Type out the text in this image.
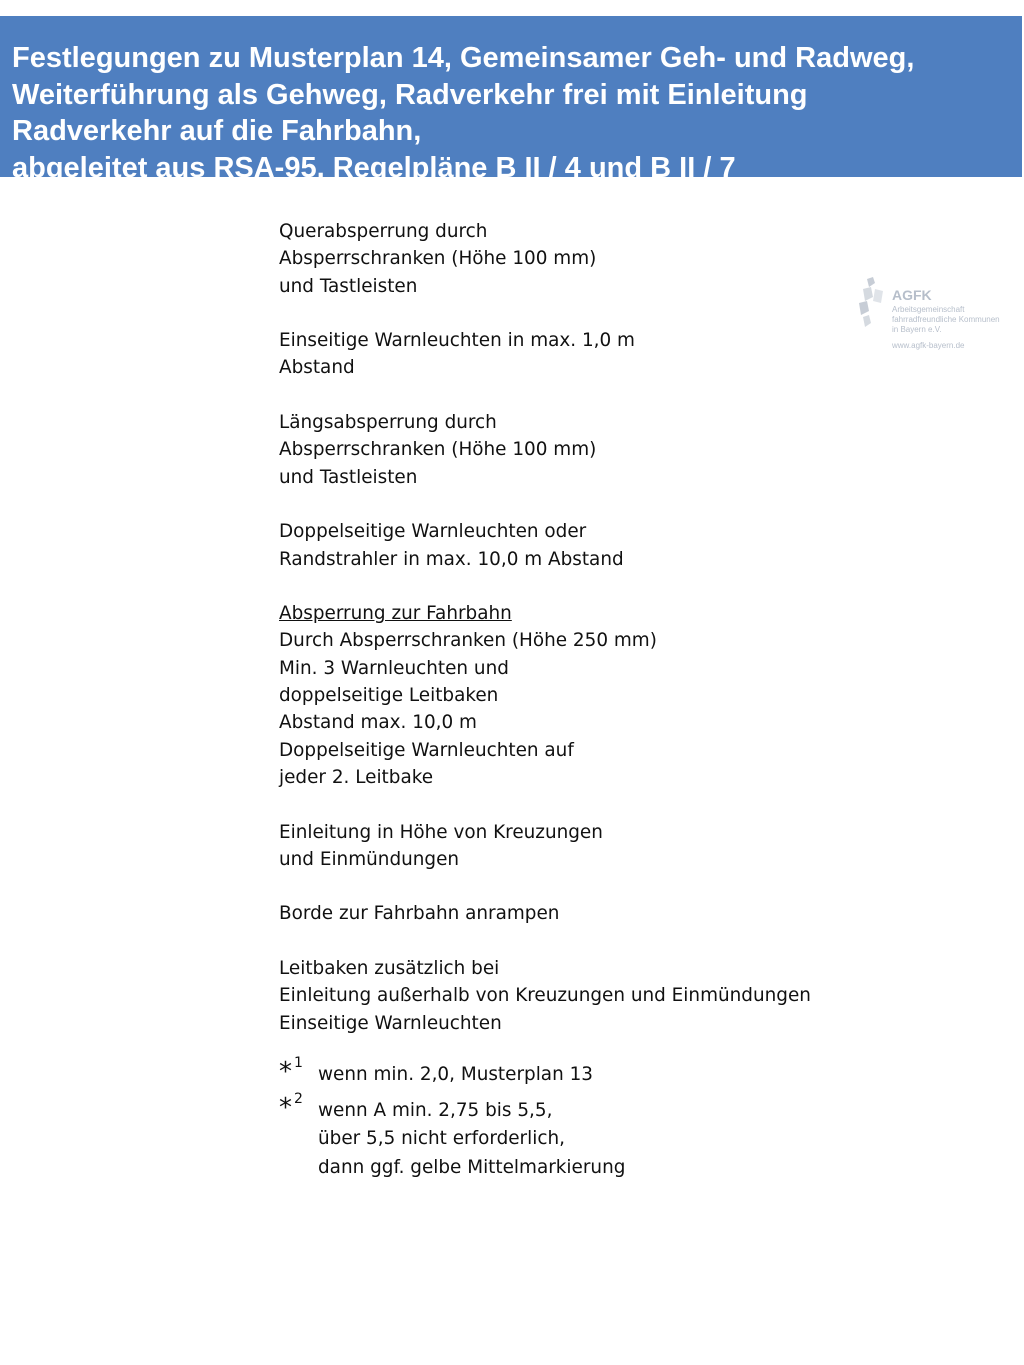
Festlegungen zu Musterplan 14, Gemeinsamer Geh- und Radweg,
Weiterführung als Gehweg, Radverkehr frei mit Einleitung
Radverkehr auf die Fahrbahn,
abgeleitet aus RSA-95, Regelpläne B II / 4 und B II / 7
AGFK
Arbeitsgemeinschaft
fahrradfreundliche Kommunen
in Bayern e.V.
www.agfk-bayern.de
Querabsperrung durch
Absperrschranken (Höhe 100 mm)
und Tastleisten
Einseitige Warnleuchten in max. 1,0 m
Abstand
Längsabsperrung durch
Absperrschranken (Höhe 100 mm)
und Tastleisten
Doppelseitige Warnleuchten oder
Randstrahler in max. 10,0 m Abstand
Absperrung zur Fahrbahn
Durch Absperrschranken (Höhe 250 mm)
Min. 3 Warnleuchten und
doppelseitige Leitbaken
Abstand max. 10,0 m
Doppelseitige Warnleuchten auf
jeder 2. Leitbake
Einleitung in Höhe von Kreuzungen
und Einmündungen
Borde zur Fahrbahn anrampen
Leitbaken zusätzlich bei
Einleitung außerhalb von Kreuzungen und Einmündungen
Einseitige Warnleuchten
* 1
wenn min. 2,0, Musterplan 13
* 2
wenn A min. 2,75 bis 5,5,
über 5,5 nicht erforderlich,
dann ggf. gelbe Mittelmarkierung
